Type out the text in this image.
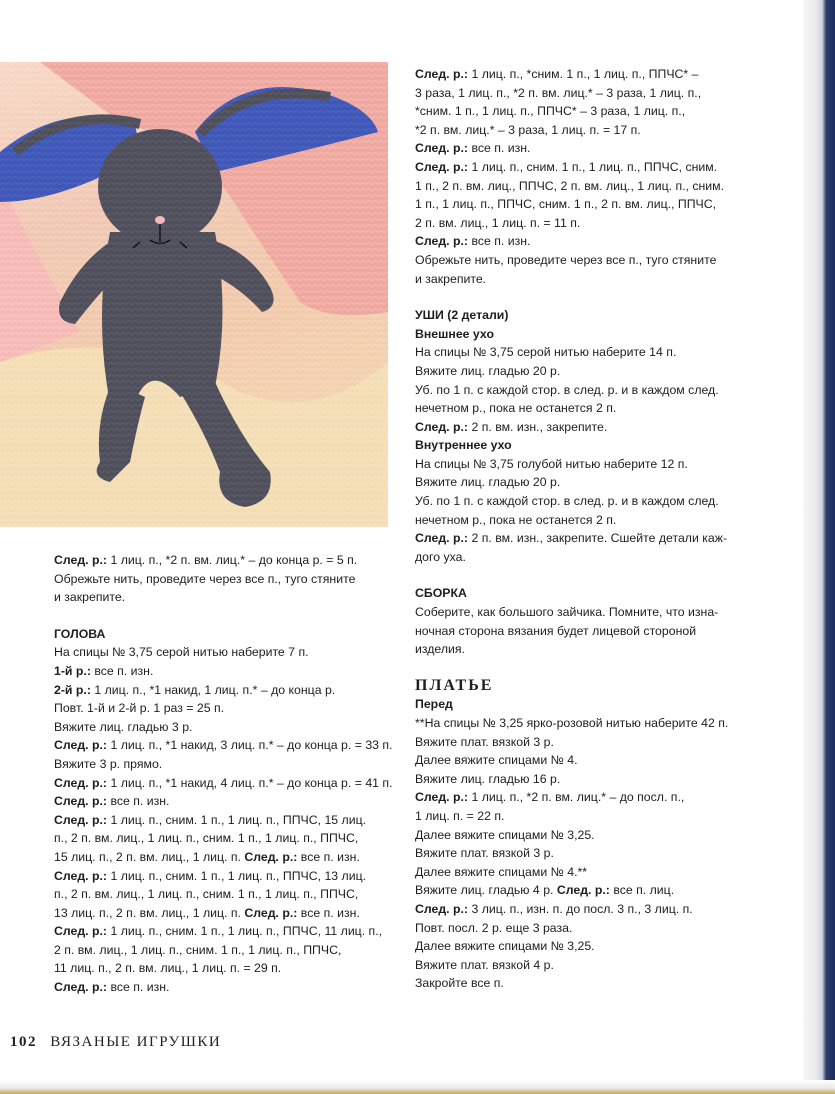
След. р.: 1 лиц. п., *2 п. вм. лиц.* – до конца р. = 5 п.

Обрежьте нить, проведите через все п., туго стяните

и закрепите.

ГОЛОВА

На спицы № 3,75 серой нитью наберите 7 п.

1-й р.: все п. изн.

2-й р.: 1 лиц. п., *1 накид, 1 лиц. п.* – до конца р.

Повт. 1-й и 2-й р. 1 раз = 25 п.

Вяжите лиц. гладью 3 р.

След. р.: 1 лиц. п., *1 накид, 3 лиц. п.* – до конца р. = 33 п.

Вяжите 3 р. прямо.

След. р.: 1 лиц. п., *1 накид, 4 лиц. п.* – до конца р. = 41 п.

След. р.: все п. изн.

След. р.: 1 лиц. п., сним. 1 п., 1 лиц. п., ППЧС, 15 лиц.

п., 2 п. вм. лиц., 1 лиц. п., сним. 1 п., 1 лиц. п., ППЧС,

15 лиц. п., 2 п. вм. лиц., 1 лиц. п. След. р.: все п. изн.

След. р.: 1 лиц. п., сним. 1 п., 1 лиц. п., ППЧС, 13 лиц.

п., 2 п. вм. лиц., 1 лиц. п., сним. 1 п., 1 лиц. п., ППЧС,

13 лиц. п., 2 п. вм. лиц., 1 лиц. п. След. р.: все п. изн.

След. р.: 1 лиц. п., сним. 1 п., 1 лиц. п., ППЧС, 11 лиц. п.,

2 п. вм. лиц., 1 лиц. п., сним. 1 п., 1 лиц. п., ППЧС,

11 лиц. п., 2 п. вм. лиц., 1 лиц. п. = 29 п.

След. р.: все п. изн.

След. р.: 1 лиц. п., *сним. 1 п., 1 лиц. п., ППЧС* –

3 раза, 1 лиц. п., *2 п. вм. лиц.* – 3 раза, 1 лиц. п.,

*сним. 1 п., 1 лиц. п., ППЧС* – 3 раза, 1 лиц. п.,

*2 п. вм. лиц.* – 3 раза, 1 лиц. п. = 17 п.

След. р.: все п. изн.

След. р.: 1 лиц. п., сним. 1 п., 1 лиц. п., ППЧС, сним.

1 п., 2 п. вм. лиц., ППЧС, 2 п. вм. лиц., 1 лиц. п., сним.

1 п., 1 лиц. п., ППЧС, сним. 1 п., 2 п. вм. лиц., ППЧС,

2 п. вм. лиц., 1 лиц. п. = 11 п.

След. р.: все п. изн.

Обрежьте нить, проведите через все п., туго стяните

и закрепите.

УШИ (2 детали)

Внешнее ухо

На спицы № 3,75 серой нитью наберите 14 п.

Вяжите лиц. гладью 20 р.

Уб. по 1 п. с каждой стор. в след. р. и в каждом след.

нечетном р., пока не останется 2 п.

След. р.: 2 п. вм. изн., закрепите.

Внутреннее ухо

На спицы № 3,75 голубой нитью наберите 12 п.

Вяжите лиц. гладью 20 р.

Уб. по 1 п. с каждой стор. в след. р. и в каждом след.

нечетном р., пока не останется 2 п.

След. р.: 2 п. вм. изн., закрепите. Сшейте детали каж-

дого уха.

СБОРКА

Соберите, как большого зайчика. Помните, что изна-

ночная сторона вязания будет лицевой стороной

изделия.

ПЛАТЬЕ

Перед

**На спицы № 3,25 ярко-розовой нитью наберите 42 п.

Вяжите плат. вязкой 3 р.

Далее вяжите спицами № 4.

Вяжите лиц. гладью 16 р.

След. р.: 1 лиц. п., *2 п. вм. лиц.* – до посл. п.,

1 лиц. п. = 22 п.

Далее вяжите спицами № 3,25.

Вяжите плат. вязкой 3 р.

Далее вяжите спицами № 4.**

Вяжите лиц. гладью 4 р. След. р.: все п. лиц.

След. р.: 3 лиц. п., изн. п. до посл. 3 п., 3 лиц. п.

Повт. посл. 2 р. еще 3 раза.

Далее вяжите спицами № 3,25.

Вяжите плат. вязкой 4 р.

Закройте все п.

102 ВЯЗАНЫЕ ИГРУШКИ
